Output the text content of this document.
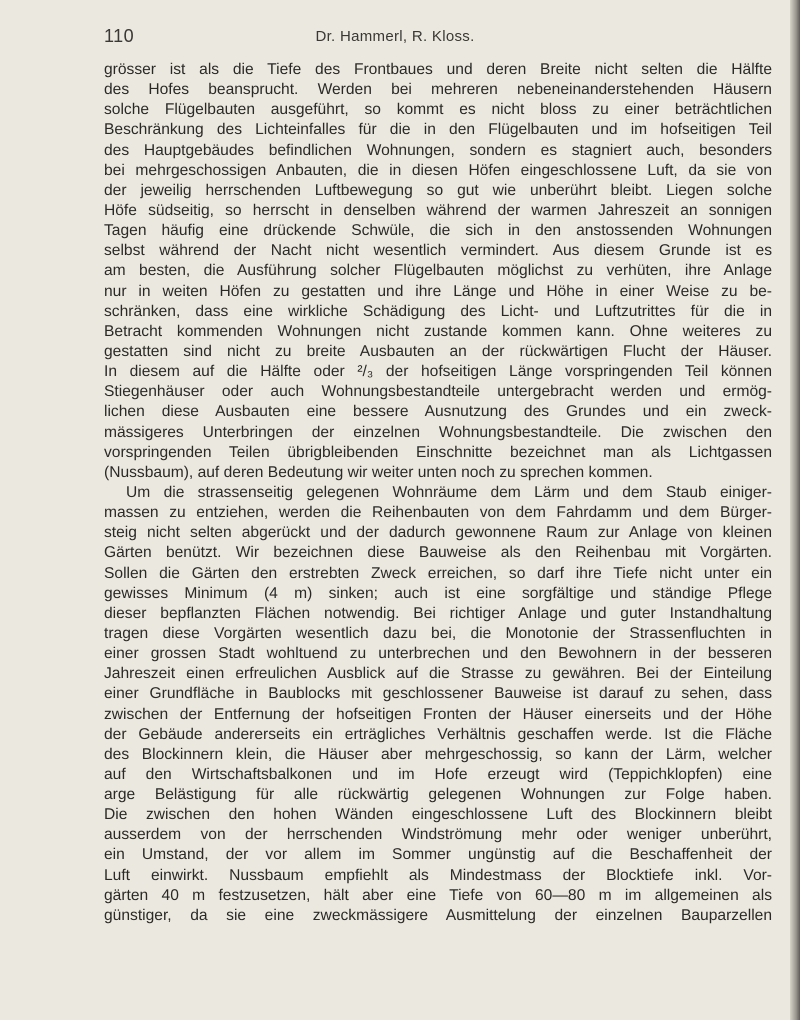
110	Dr. Hammerl, R. Kloss.
grösser ist als die Tiefe des Frontbaues und deren Breite nicht selten die Hälfte
des Hofes beansprucht. Werden bei mehreren nebeneinanderstehenden Häusern
solche Flügelbauten ausgeführt, so kommt es nicht bloss zu einer beträchtlichen
Beschränkung des Lichteinfalles für die in den Flügelbauten und im hofseitigen Teil
des Hauptgebäudes befindlichen Wohnungen, sondern es stagniert auch, besonders
bei mehrgeschossigen Anbauten, die in diesen Höfen eingeschlossene Luft, da sie von
der jeweilig herrschenden Luftbewegung so gut wie unberührt bleibt. Liegen solche
Höfe südseitig, so herrscht in denselben während der warmen Jahreszeit an sonnigen
Tagen häufig eine drückende Schwüle, die sich in den anstossenden Wohnungen
selbst während der Nacht nicht wesentlich vermindert. Aus diesem Grunde ist es
am besten, die Ausführung solcher Flügelbauten möglichst zu verhüten, ihre Anlage
nur in weiten Höfen zu gestatten und ihre Länge und Höhe in einer Weise zu be-
schränken, dass eine wirkliche Schädigung des Licht- und Luftzutrittes für die in
Betracht kommenden Wohnungen nicht zustande kommen kann. Ohne weiteres zu
gestatten sind nicht zu breite Ausbauten an der rückwärtigen Flucht der Häuser.
In diesem auf die Hälfte oder ²/₃ der hofseitigen Länge vorspringenden Teil können
Stiegenhäuser oder auch Wohnungsbestandteile untergebracht werden und ermög-
lichen diese Ausbauten eine bessere Ausnutzung des Grundes und ein zweck-
mässigeres Unterbringen der einzelnen Wohnungsbestandteile. Die zwischen den
vorspringenden Teilen übrigbleibenden Einschnitte bezeichnet man als Lichtgassen
(Nussbaum), auf deren Bedeutung wir weiter unten noch zu sprechen kommen.
Um die strassenseitig gelegenen Wohnräume dem Lärm und dem Staub einiger-
massen zu entziehen, werden die Reihenbauten von dem Fahrdamm und dem Bürger-
steig nicht selten abgerückt und der dadurch gewonnene Raum zur Anlage von kleinen
Gärten benützt. Wir bezeichnen diese Bauweise als den Reihenbau mit Vorgärten.
Sollen die Gärten den erstrebten Zweck erreichen, so darf ihre Tiefe nicht unter ein
gewisses Minimum (4 m) sinken; auch ist eine sorgfältige und ständige Pflege
dieser bepflanzten Flächen notwendig. Bei richtiger Anlage und guter Instandhaltung
tragen diese Vorgärten wesentlich dazu bei, die Monotonie der Strassenfluchten in
einer grossen Stadt wohltuend zu unterbrechen und den Bewohnern in der besseren
Jahreszeit einen erfreulichen Ausblick auf die Strasse zu gewähren. Bei der Einteilung
einer Grundfläche in Baublocks mit geschlossener Bauweise ist darauf zu sehen, dass
zwischen der Entfernung der hofseitigen Fronten der Häuser einerseits und der Höhe
der Gebäude andererseits ein erträgliches Verhältnis geschaffen werde. Ist die Fläche
des Blockinnern klein, die Häuser aber mehrgeschossig, so kann der Lärm, welcher
auf den Wirtschaftsbalkonen und im Hofe erzeugt wird (Teppichklopfen) eine
arge Belästigung für alle rückwärtig gelegenen Wohnungen zur Folge haben.
Die zwischen den hohen Wänden eingeschlossene Luft des Blockinnern bleibt
ausserdem von der herrschenden Windströmung mehr oder weniger unberührt,
ein Umstand, der vor allem im Sommer ungünstig auf die Beschaffenheit der
Luft einwirkt. Nussbaum empfiehlt als Mindestmass der Blocktiefe inkl. Vor-
gärten 40 m festzusetzen, hält aber eine Tiefe von 60—80 m im allgemeinen als
günstiger, da sie eine zweckmässigere Ausmittelung der einzelnen Bauparzellen
